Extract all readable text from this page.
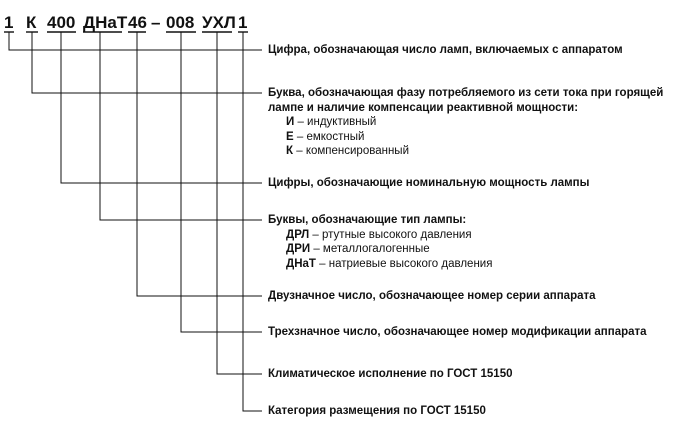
1 К 400 ДНаТ 46 – 008 УХЛ 1
Цифра, обозначающая число ламп, включаемых с аппаратом
Буква, обозначающая фазу потребляемого из сети тока при горящей лампе и наличие компенсации реактивной мощности:
И – индуктивный
Е – емкостный
К – компенсированный
Цифры, обозначающие номинальную мощность лампы
Буквы, обозначающие тип лампы:
ДРЛ – ртутные высокого давления
ДРИ – металлогалогенные
ДНаТ – натриевые высокого давления
Двузначное число, обозначающее номер серии аппарата
Трехзначное число, обозначающее номер модификации аппарата
Климатическое исполнение по ГОСТ 15150
Категория размещения по ГОСТ 15150
